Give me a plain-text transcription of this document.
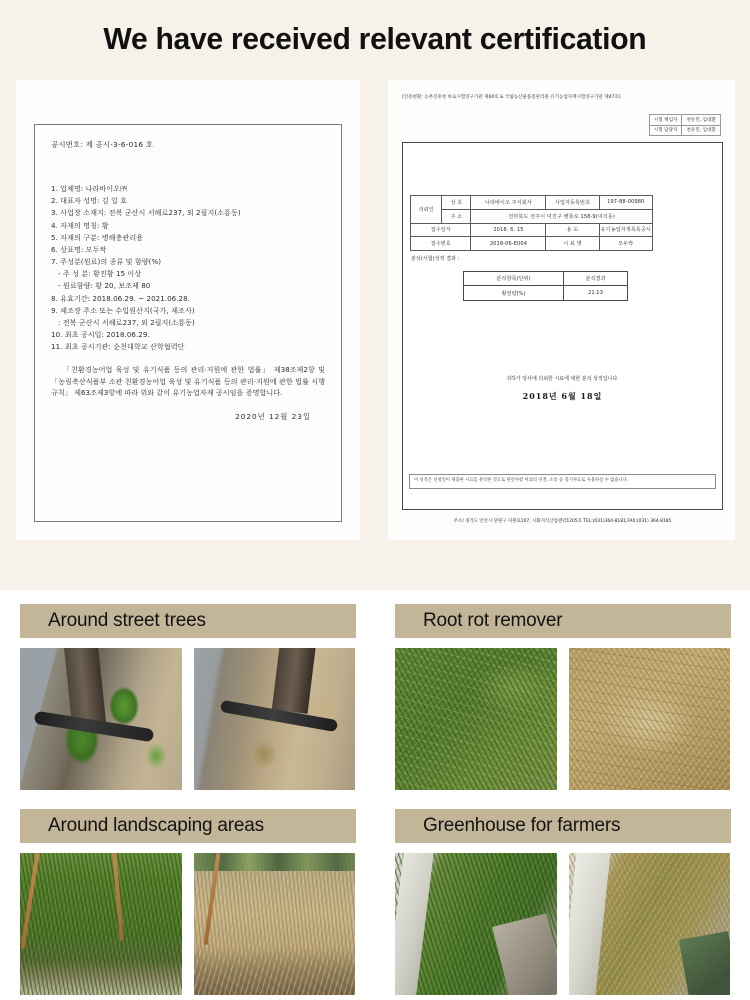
We have received relevant certification
공시번호: 제 공시-3-6-016 호
1. 업체명: 나라바이오㈜
2. 대표자 성명: 김 일 호
3. 사업장 소재지: 전북 군산시 서해로237, 외 2필지(소룡동)
4. 자재의 명칭: 황
5. 자재의 구분: 병해충관리용
6. 상표명: 모두싹
7. 주성분(원료)의 종류 및 함량(%)
- 주 성 분: 황진황 15 이상
- 원료함량: 황 20, 보조제 80
8. 유효기간: 2018.06.29. ~ 2021.06.28.
9. 제조장 주소 또는 수입원산지(국가, 제조사)
: 전북 군산시 서해로237, 외 2필지(소룡동)
10. 최초 공시일: 2018.06.29.
11. 최초 공시기관: 순천대학교 산학협력단
「친환경농어업 육성 및 유기식품 등의 관리·지원에 관한 법률」 제38조제2항 및 「농림축산식품부 소관 친환경농어업 육성 및 유기식품 등의 관리·지원에 관한 법률 시행규칙」 제63조제3항에 따라 위와 같이 유기농업자재 공시임을 증명합니다.
2020년 12월 23일
[인증현황: 농촌진흥청 바로시험연구기관 제60호 & 국립농산물품질관리원 유기농업자재시험연구기관 제47호]
시험 책임자	천유민, 임대환
시험 담당자	천유민, 임대환
의뢰인	상 호	나라바이오 주식회사	사업자등록번호	197-88-00980
	주 소	전라북도 전주시 덕진구 벤룡로 158-9(여의동)		
접수일자		2018. 6. 15	용 도	유기농업자재목록공시
접수번호		2018-06-E004	시 료 명	모두싹
분석(시험)성적 결과 :
분석항목(단위)	분석결과
황전량(%)	21.13
귀하가 당사에 의뢰한 시료에 대한 분석 성적입니다.
2018년 6월 18일
이 성적은 신청인이 제출한 시료를 분석한 것으로 관련사항 이외의 선전, 소송 등 증거자료로 사용하실 수 없습니다.
주소/ 경기도 안산시 단원구 지원로107, 시화지식산업센터1205호 TEL:(031)364-8181,FAX:(031) 364-8185
Around street trees	Root rot remover
Around landscaping areas	Greenhouse for farmers
